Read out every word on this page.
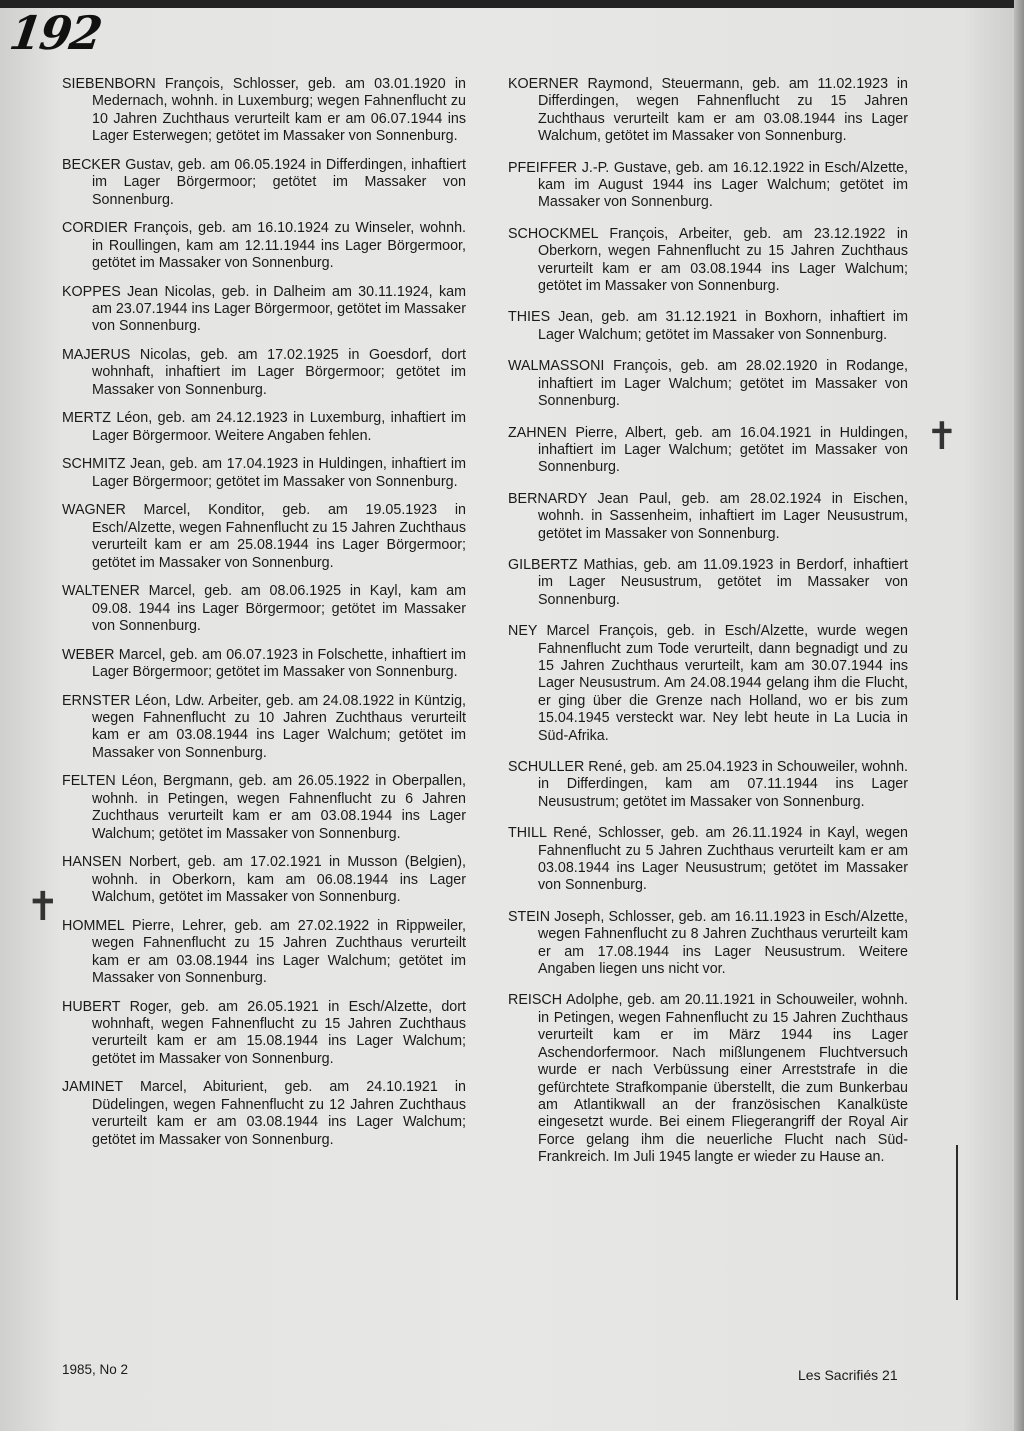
192
✝
✝

SIEBENBORN François, Schlosser, geb. am 03.01.1920 in Medernach, wohnh. in Luxemburg; wegen Fahnenflucht zu 10 Jahren Zuchthaus verurteilt kam er am 06.07.1944 ins Lager Esterwegen; getötet im Massaker von Sonnenburg.

BECKER Gustav, geb. am 06.05.1924 in Differdingen, inhaftiert im Lager Börgermoor; getötet im Massaker von Sonnenburg.

CORDIER François, geb. am 16.10.1924 zu Winseler, wohnh. in Roullingen, kam am 12.11.1944 ins Lager Börgermoor, getötet im Massaker von Sonnenburg.

KOPPES Jean Nicolas, geb. in Dalheim am 30.11.1924, kam am 23.07.1944 ins Lager Börgermoor, getötet im Massaker von Sonnenburg.

MAJERUS Nicolas, geb. am 17.02.1925 in Goesdorf, dort wohnhaft, inhaftiert im Lager Börgermoor; getötet im Massaker von Sonnenburg.

MERTZ Léon, geb. am 24.12.1923 in Luxemburg, inhaftiert im Lager Börgermoor. Weitere Angaben fehlen.

SCHMITZ Jean, geb. am 17.04.1923 in Huldingen, inhaftiert im Lager Börgermoor; getötet im Massaker von Sonnenburg.

WAGNER Marcel, Konditor, geb. am 19.05.1923 in Esch/Alzette, wegen Fahnenflucht zu 15 Jahren Zuchthaus verurteilt kam er am 25.08.1944 ins Lager Börgermoor; getötet im Massaker von Sonnenburg.

WALTENER Marcel, geb. am 08.06.1925 in Kayl, kam am 09.08. 1944 ins Lager Börgermoor; getötet im Massaker von Sonnenburg.

WEBER Marcel, geb. am 06.07.1923 in Folschette, inhaftiert im Lager Börgermoor; getötet im Massaker von Sonnenburg.

ERNSTER Léon, Ldw. Arbeiter, geb. am 24.08.1922 in Küntzig, wegen Fahnenflucht zu 10 Jahren Zuchthaus verurteilt kam er am 03.08.1944 ins Lager Walchum; getötet im Massaker von Sonnenburg.

FELTEN Léon, Bergmann, geb. am 26.05.1922 in Oberpallen, wohnh. in Petingen, wegen Fahnenflucht zu 6 Jahren Zuchthaus verurteilt kam er am 03.08.1944 ins Lager Walchum; getötet im Massaker von Sonnenburg.

HANSEN Norbert, geb. am 17.02.1921 in Musson (Belgien), wohnh. in Oberkorn, kam am 06.08.1944 ins Lager Walchum, getötet im Massaker von Sonnenburg.

HOMMEL Pierre, Lehrer, geb. am 27.02.1922 in Rippweiler, wegen Fahnenflucht zu 15 Jahren Zuchthaus verurteilt kam er am 03.08.1944 ins Lager Walchum; getötet im Massaker von Sonnenburg.

HUBERT Roger, geb. am 26.05.1921 in Esch/Alzette, dort wohnhaft, wegen Fahnenflucht zu 15 Jahren Zuchthaus verurteilt kam er am 15.08.1944 ins Lager Walchum; getötet im Massaker von Sonnenburg.

JAMINET Marcel, Abiturient, geb. am 24.10.1921 in Düdelingen, wegen Fahnenflucht zu 12 Jahren Zuchthaus verurteilt kam er am 03.08.1944 ins Lager Walchum; getötet im Massaker von Sonnenburg.

KOERNER Raymond, Steuermann, geb. am 11.02.1923 in Differdingen, wegen Fahnenflucht zu 15 Jahren Zuchthaus verurteilt kam er am 03.08.1944 ins Lager Walchum, getötet im Massaker von Sonnenburg.

PFEIFFER J.-P. Gustave, geb. am 16.12.1922 in Esch/Alzette, kam im August 1944 ins Lager Walchum; getötet im Massaker von Sonnenburg.

SCHOCKMEL François, Arbeiter, geb. am 23.12.1922 in Oberkorn, wegen Fahnenflucht zu 15 Jahren Zuchthaus verurteilt kam er am 03.08.1944 ins Lager Walchum; getötet im Massaker von Sonnenburg.

THIES Jean, geb. am 31.12.1921 in Boxhorn, inhaftiert im Lager Walchum; getötet im Massaker von Sonnenburg.

WALMASSONI François, geb. am 28.02.1920 in Rodange, inhaftiert im Lager Walchum; getötet im Massaker von Sonnenburg.

ZAHNEN Pierre, Albert, geb. am 16.04.1921 in Huldingen, inhaftiert im Lager Walchum; getötet im Massaker von Sonnenburg.

BERNARDY Jean Paul, geb. am 28.02.1924 in Eischen, wohnh. in Sassenheim, inhaftiert im Lager Neusustrum, getötet im Massaker von Sonnenburg.

GILBERTZ Mathias, geb. am 11.09.1923 in Berdorf, inhaftiert im Lager Neusustrum, getötet im Massaker von Sonnenburg.

NEY Marcel François, geb. in Esch/Alzette, wurde wegen Fahnenflucht zum Tode verurteilt, dann begnadigt und zu 15 Jahren Zuchthaus verurteilt, kam am 30.07.1944 ins Lager Neusustrum. Am 24.08.1944 gelang ihm die Flucht, er ging über die Grenze nach Holland, wo er bis zum 15.04.1945 versteckt war. Ney lebt heute in La Lucia in Süd-Afrika.

SCHULLER René, geb. am 25.04.1923 in Schouweiler, wohnh. in Differdingen, kam am 07.11.1944 ins Lager Neusustrum; getötet im Massaker von Sonnenburg.

THILL René, Schlosser, geb. am 26.11.1924 in Kayl, wegen Fahnenflucht zu 5 Jahren Zuchthaus verurteilt kam er am 03.08.1944 ins Lager Neusustrum; getötet im Massaker von Sonnenburg.

STEIN Joseph, Schlosser, geb. am 16.11.1923 in Esch/Alzette, wegen Fahnenflucht zu 8 Jahren Zuchthaus verurteilt kam er am 17.08.1944 ins Lager Neusustrum. Weitere Angaben liegen uns nicht vor.

REISCH Adolphe, geb. am 20.11.1921 in Schouweiler, wohnh. in Petingen, wegen Fahnenflucht zu 15 Jahren Zuchthaus verurteilt kam er im März 1944 ins Lager Aschendorfermoor. Nach mißlungenem Fluchtversuch wurde er nach Verbüssung einer Arreststrafe in die gefürchtete Strafkompanie überstellt, die zum Bunkerbau am Atlantikwall an der französischen Kanalküste eingesetzt wurde. Bei einem Fliegerangriff der Royal Air Force gelang ihm die neuerliche Flucht nach Süd-Frankreich. Im Juli 1945 langte er wieder zu Hause an.

1985, No 2	Les Sacrifiés 21
